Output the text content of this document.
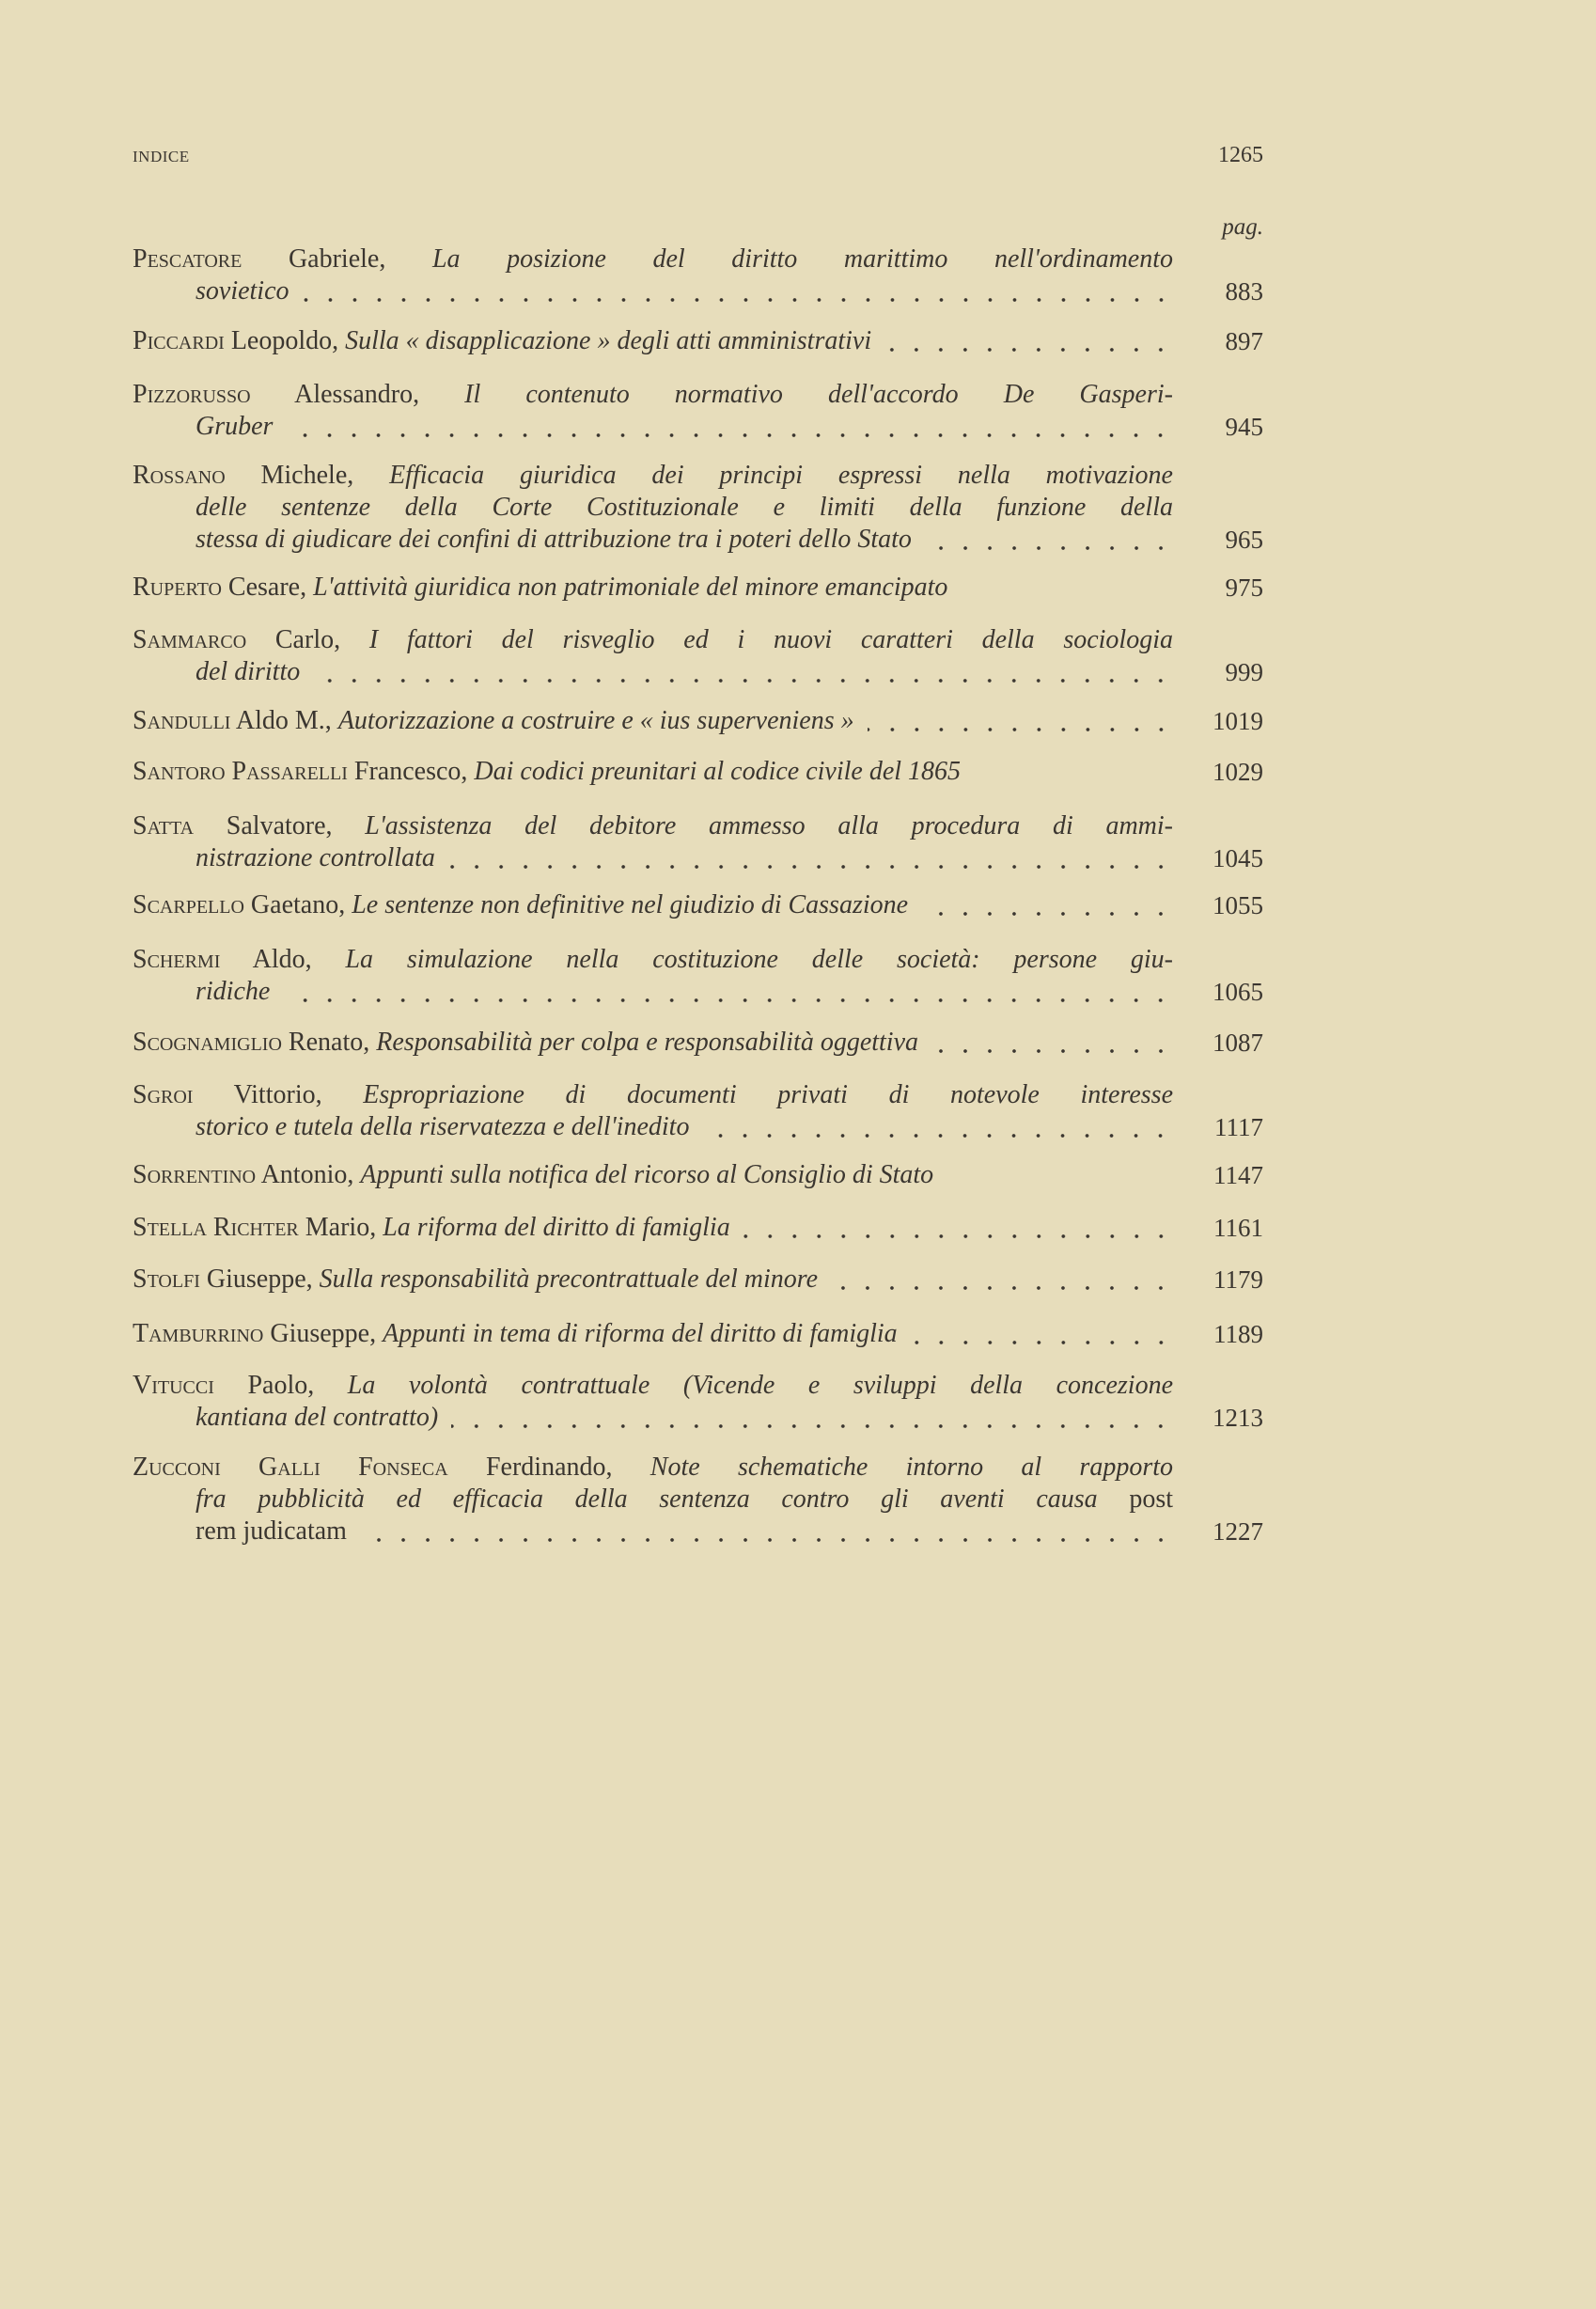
indice	1265
pag.
Pescatore Gabriele, La posizione del diritto marittimo nell'ordinamento
sovietico	883
Piccardi Leopoldo, Sulla « disapplicazione » degli atti amministrativi	897
Pizzorusso Alessandro, Il contenuto normativo dell'accordo De Gasperi-
Gruber	945
Rossano Michele, Efficacia giuridica dei principi espressi nella motivazione
delle sentenze della Corte Costituzionale e limiti della funzione della
stessa di giudicare dei confini di attribuzione tra i poteri dello Stato	965
Ruperto Cesare, L'attività giuridica non patrimoniale del minore emancipato	975
Sammarco Carlo, I fattori del risveglio ed i nuovi caratteri della sociologia
del diritto	999
Sandulli Aldo M., Autorizzazione a costruire e « ius superveniens »	1019
Santoro Passarelli Francesco, Dai codici preunitari al codice civile del 1865	1029
Satta Salvatore, L'assistenza del debitore ammesso alla procedura di ammi-
nistrazione controllata	1045
Scarpello Gaetano, Le sentenze non definitive nel giudizio di Cassazione	1055
Schermi Aldo, La simulazione nella costituzione delle società: persone giu-
ridiche	1065
Scognamiglio Renato, Responsabilità per colpa e responsabilità oggettiva	1087
Sgroi Vittorio, Espropriazione di documenti privati di notevole interesse
storico e tutela della riservatezza e dell'inedito	1117
Sorrentino Antonio, Appunti sulla notifica del ricorso al Consiglio di Stato	1147
Stella Richter Mario, La riforma del diritto di famiglia	1161
Stolfi Giuseppe, Sulla responsabilità precontrattuale del minore	1179
Tamburrino Giuseppe, Appunti in tema di riforma del diritto di famiglia	1189
Vitucci Paolo, La volontà contrattuale (Vicende e sviluppi della concezione
kantiana del contratto)	1213
Zucconi Galli Fonseca Ferdinando, Note schematiche intorno al rapporto
fra pubblicità ed efficacia della sentenza contro gli aventi causa post
rem judicatam	1227
